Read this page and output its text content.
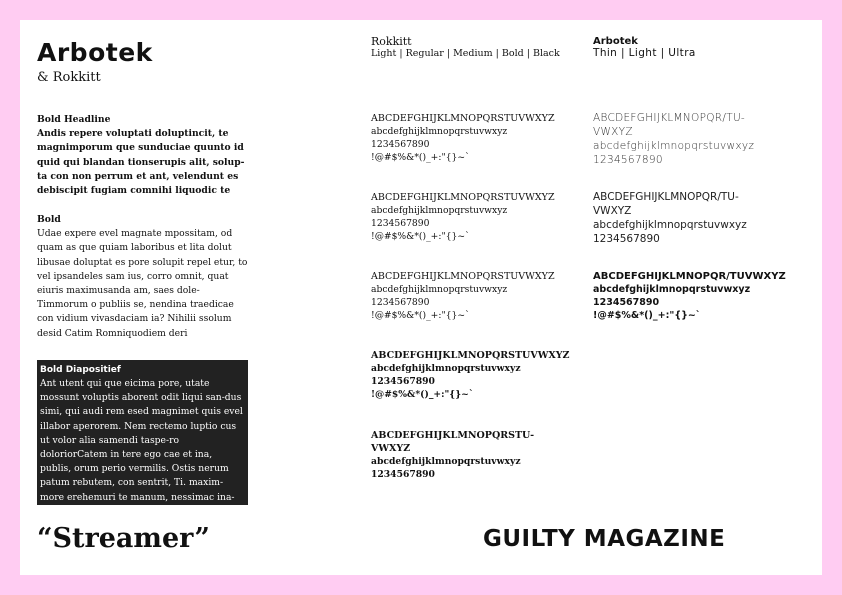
Arbotek
& Rokkitt
Bold Headline
Andis repere voluptati doluptincit, te magnimporum que sunduciae quunto id quid qui blandan tionserupis alit, solup-ta con non perrum et ant, velendunt es debiscipit fugiam comnihi liquodic te
Bold
Udae expere evel magnate mpossitam, od quam as que quiam laboribus et lita dolut libusae doluptat es pore solupit repel etur, to vel ipsandeles sam ius, corro omnit, quat eiuris maximusanda am, saes dole-Timmorum o publiis se, nendina traedicae con vidium vivasdaciam ia? Nihilii ssolum desid Catim Romniquodiem deri
Bold Diapositief
Ant utent qui que eicima pore, utate mossunt voluptis aborent odit liqui san-dus simi, qui audi rem esed magnimet quis evel illabor aperorem. Nem rectemo luptio cus ut volor alia samendi taspe-ro doloriorCatem in tere ego cae et ina, publis, orum perio vermilis. Ostis nerum patum rebutem, con sentrit, Ti. maxim-more erehemuri te manum, nessimac ina-
“Streamer”	GUILTY MAGAZINE
Rokkitt
Light | Regular | Medium | Bold | Black
ABCDEFGHIJKLMNOPQRSTUVWXYZ
abcdefghijklmnopqrstuvwxyz
1234567890
!@#$%&*()_+:"{}~`
ABCDEFGHIJKLMNOPQRSTUVWXYZ
abcdefghijklmnopqrstuvwxyz
1234567890
!@#$%&*()_+:"{}~`
ABCDEFGHIJKLMNOPQRSTUVWXYZ
abcdefghijklmnopqrstuvwxyz
1234567890
!@#$%&*()_+:"{}~`
ABCDEFGHIJKLMNOPQRSTUVWXYZ
abcdefghijklmnopqrstuvwxyz
1234567890
!@#$%&*()_+:"{}~`
ABCDEFGHIJKLMNOPQRSTU-
VWXYZ
abcdefghijklmnopqrstuvwxyz
1234567890
Arbotek
Thin | Light | Ultra
ABCDEFGHIJKLMNOPQR/TU-
VWXYZ
abcdefghijklmnopqrstuvwxyz
1234567890
ABCDEFGHIJKLMNOPQR/TU-
VWXYZ
abcdefghijklmnopqrstuvwxyz
1234567890
ABCDEFGHIJKLMNOPQR/TUVWXYZ
abcdefghijklmnopqrstuvwxyz
1234567890
!@#$%&*()_+:"{}~`
